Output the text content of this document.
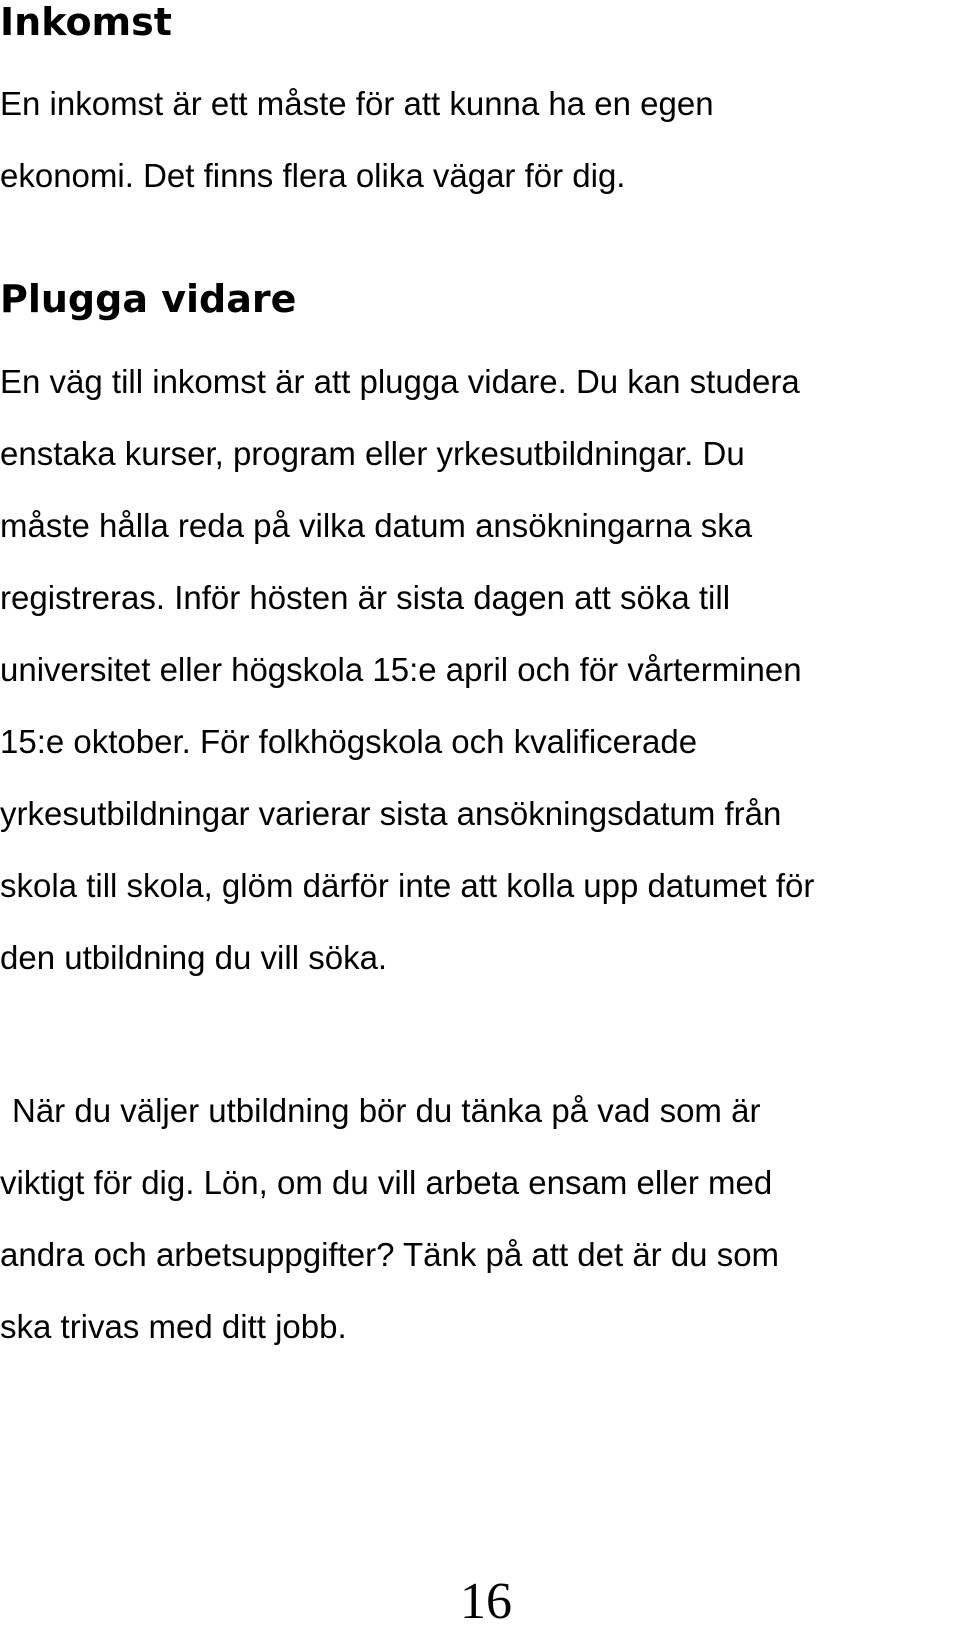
Inkomst

En inkomst är ett måste för att kunna ha en egen
ekonomi. Det finns flera olika vägar för dig.

Plugga vidare

En väg till inkomst är att plugga vidare. Du kan studera
enstaka kurser, program eller yrkesutbildningar. Du
måste hålla reda på vilka datum ansökningarna ska
registreras. Inför hösten är sista dagen att söka till
universitet eller högskola 15:e april och för vårterminen
15:e oktober. För folkhögskola och kvalificerade
yrkesutbildningar varierar sista ansökningsdatum från
skola till skola, glöm därför inte att kolla upp datumet för
den utbildning du vill söka.

När du väljer utbildning bör du tänka på vad som är
viktigt för dig. Lön, om du vill arbeta ensam eller med
andra och arbetsuppgifter? Tänk på att det är du som
ska trivas med ditt jobb.

16
